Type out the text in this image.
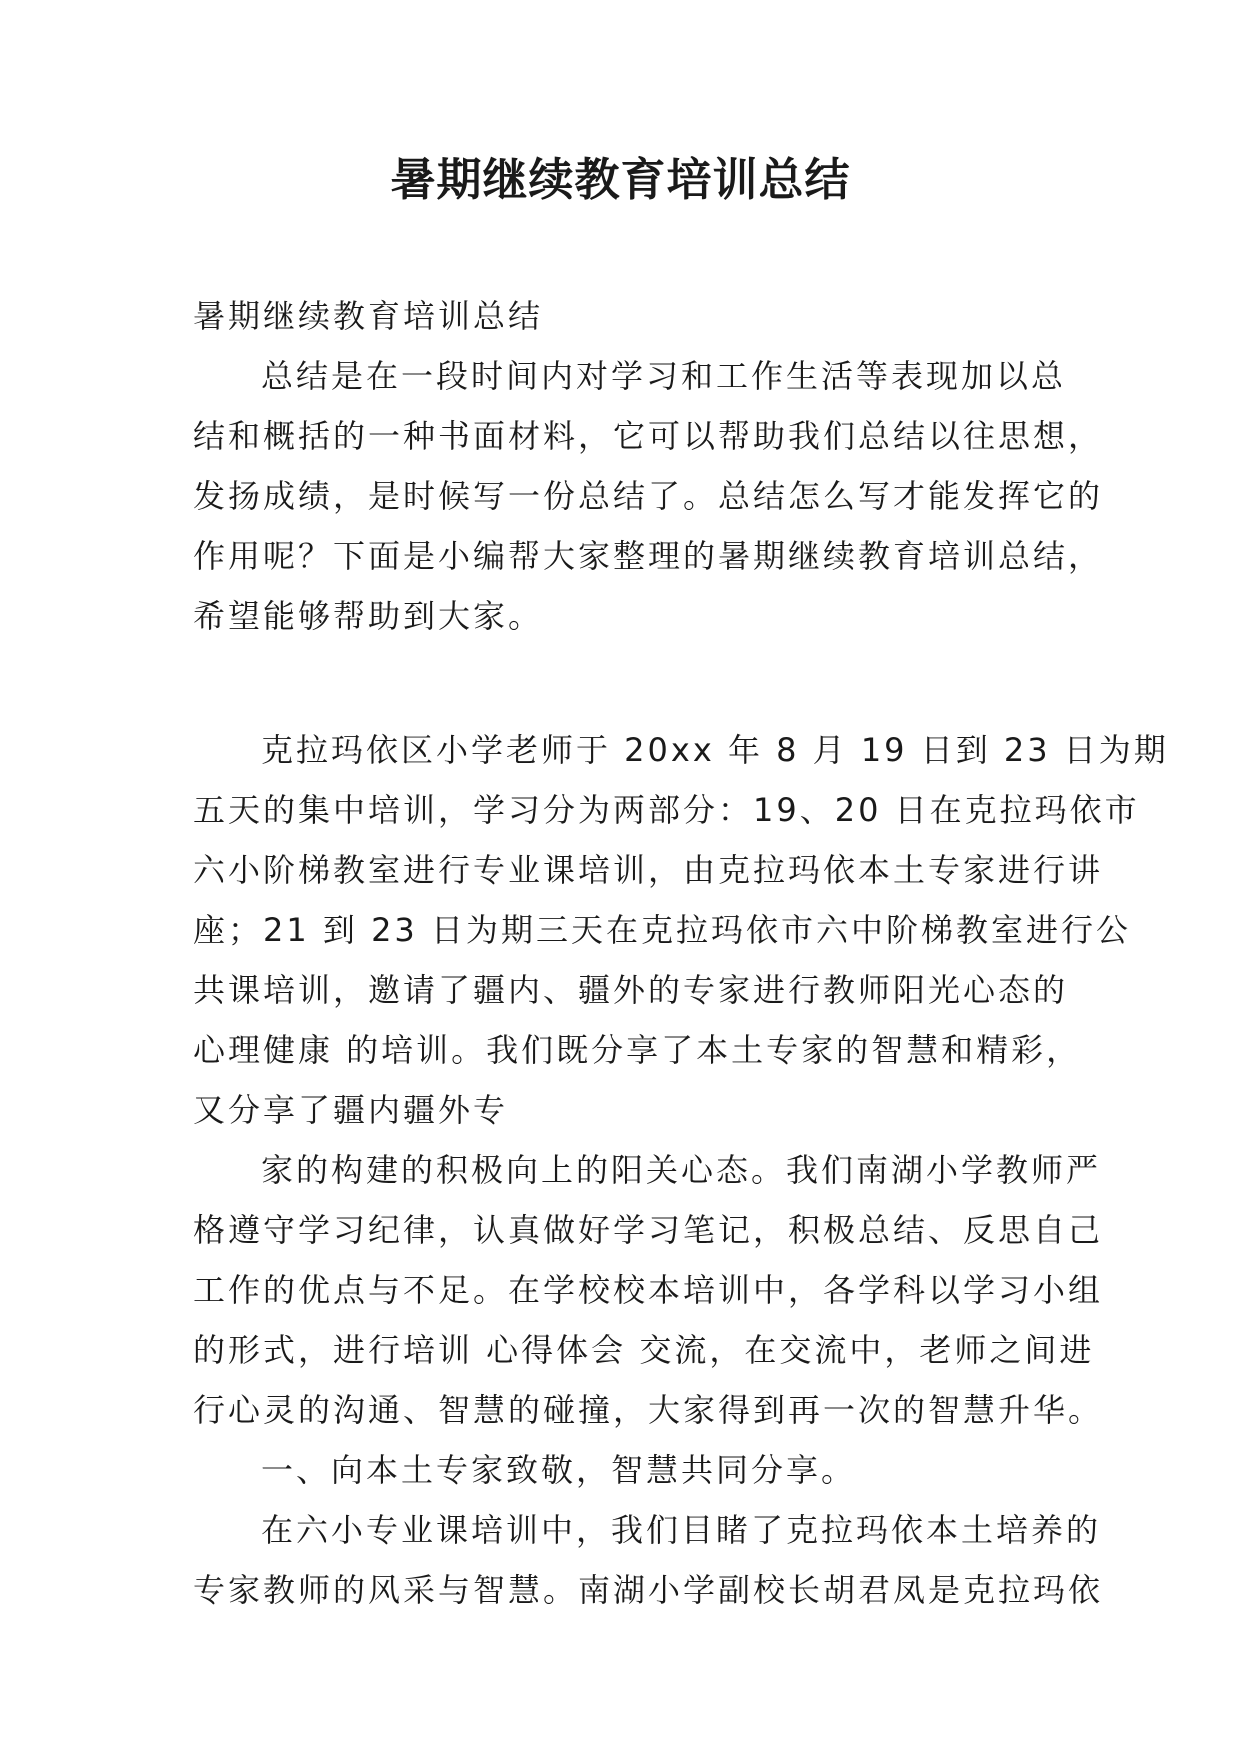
暑期继续教育培训总结
暑期继续教育培训总结
总结是在一段时间内对学习和工作生活等表现加以总
结和概括的一种书面材料，它可以帮助我们总结以往思想，
发扬成绩，是时候写一份总结了。总结怎么写才能发挥它的
作用呢？下面是小编帮大家整理的暑期继续教育培训总结，
希望能够帮助到大家。
克拉玛依区小学老师于 20xx 年 8 月 19 日到 23 日为期
五天的集中培训，学习分为两部分：19、20 日在克拉玛依市
六小阶梯教室进行专业课培训，由克拉玛依本土专家进行讲
座；21 到 23 日为期三天在克拉玛依市六中阶梯教室进行公
共课培训，邀请了疆内、疆外的专家进行教师阳光心态的
心理健康 的培训。我们既分享了本土专家的智慧和精彩，
又分享了疆内疆外专
家的构建的积极向上的阳关心态。我们南湖小学教师严
格遵守学习纪律，认真做好学习笔记，积极总结、反思自己
工作的优点与不足。在学校校本培训中，各学科以学习小组
的形式，进行培训 心得体会 交流，在交流中，老师之间进
行心灵的沟通、智慧的碰撞，大家得到再一次的智慧升华。
一、向本土专家致敬，智慧共同分享。
在六小专业课培训中，我们目睹了克拉玛依本土培养的
专家教师的风采与智慧。南湖小学副校长胡君凤是克拉玛依
